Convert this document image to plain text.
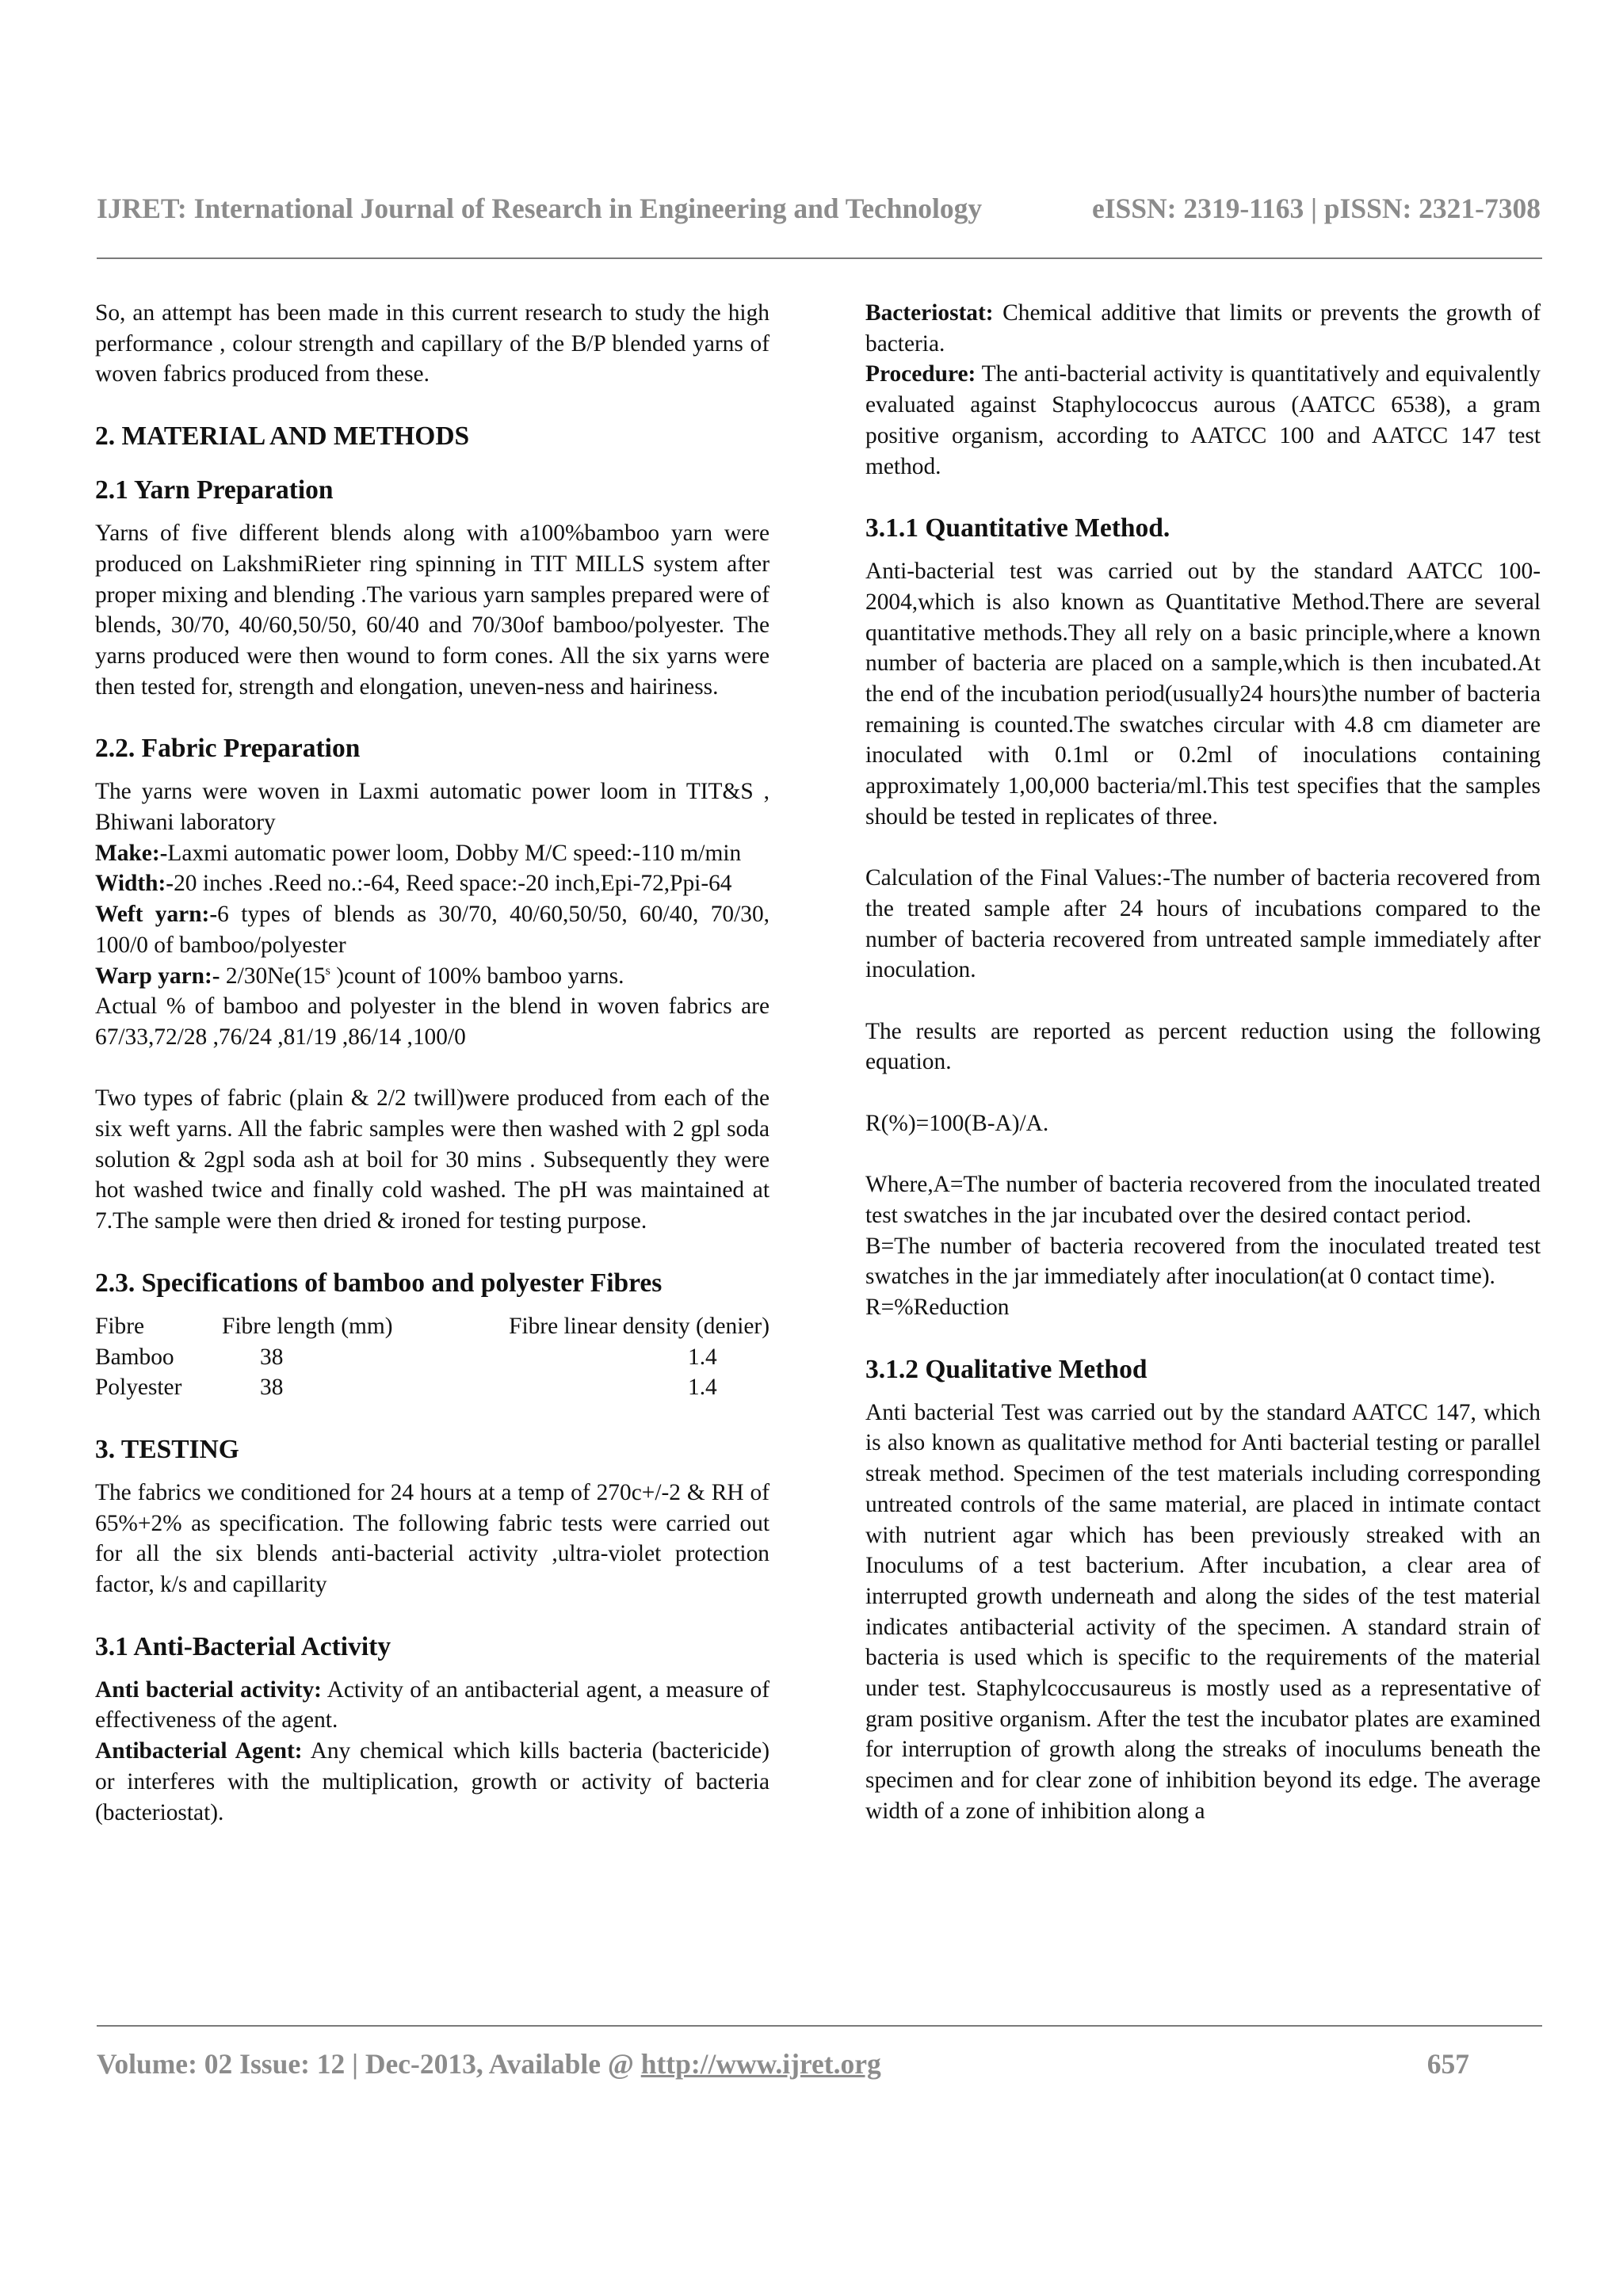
IJRET: International Journal of Research in Engineering and Technology	eISSN: 2319-1163 | pISSN: 2321-7308

So, an attempt has been made in this current research to study the high performance , colour strength and capillary of the B/P blended yarns of woven fabrics produced from these.

2. MATERIAL AND METHODS
2.1 Yarn Preparation

Yarns of five different blends along with a100%bamboo yarn were produced on LakshmiRieter ring spinning in TIT MILLS system after proper mixing and blending .The various yarn samples prepared were of blends, 30/70, 40/60,50/50, 60/40 and 70/30of bamboo/polyester. The yarns produced were then wound to form cones. All the six yarns were then tested for, strength and elongation, uneven-ness and hairiness.

2.2. Fabric Preparation

The yarns were woven in Laxmi automatic power loom in TIT&S , Bhiwani laboratory

Make:-Laxmi automatic power loom, Dobby M/C speed:-110 m/min

Width:-20 inches .Reed no.:-64, Reed space:-20 inch,Epi-72,Ppi-64

Weft yarn:-6 types of blends as 30/70, 40/60,50/50, 60/40, 70/30, 100/0 of bamboo/polyester

Warp yarn:- 2/30Ne(15$^s$ )count of 100% bamboo yarns.

Actual % of bamboo and polyester in the blend in woven fabrics are 67/33,72/28 ,76/24 ,81/19 ,86/14 ,100/0

Two types of fabric (plain & 2/2 twill)were produced from each of the six weft yarns. All the fabric samples were then washed with 2 gpl soda solution & 2gpl soda ash at boil for 30 mins . Subsequently they were hot washed twice and finally cold washed. The pH was maintained at 7.The sample were then dried & ironed for testing purpose.

2.3. Specifications of bamboo and polyester Fibres
Fibre	Fibre length (mm)	Fibre linear density (denier)
Bamboo	38	1.4
Polyester	38	1.4
3. TESTING

The fabrics we conditioned for 24 hours at a temp of 270c+/-2 & RH of 65%+2% as specification. The following fabric tests were carried out for all the six blends anti-bacterial activity ,ultra-violet protection factor, k/s and capillarity

3.1 Anti-Bacterial Activity

Anti bacterial activity: Activity of an antibacterial agent, a measure of effectiveness of the agent.

Antibacterial Agent: Any chemical which kills bacteria (bactericide) or interferes with the multiplication, growth or activity of bacteria (bacteriostat).

Bacteriostat: Chemical additive that limits or prevents the growth of bacteria.

Procedure: The anti-bacterial activity is quantitatively and equivalently evaluated against Staphylococcus aurous (AATCC 6538), a gram positive organism, according to AATCC 100 and AATCC 147 test method.

3.1.1 Quantitative Method.

Anti-bacterial test was carried out by the standard AATCC 100-2004,which is also known as Quantitative Method.There are several quantitative methods.They all rely on a basic principle,where a known number of bacteria are placed on a sample,which is then incubated.At the end of the incubation period(usually24 hours)the number of bacteria remaining is counted.The swatches circular with 4.8 cm diameter are inoculated with 0.1ml or 0.2ml of inoculations containing approximately 1,00,000 bacteria/ml.This test specifies that the samples should be tested in replicates of three.

Calculation of the Final Values:-The number of bacteria recovered from the treated sample after 24 hours of incubations compared to the number of bacteria recovered from untreated sample immediately after inoculation.

The results are reported as percent reduction using the following equation.

R(%)=100(B-A)/A.

Where,A=The number of bacteria recovered from the inoculated treated test swatches in the jar incubated over the desired contact period.

B=The number of bacteria recovered from the inoculated treated test swatches in the jar immediately after inoculation(at 0 contact time).

R=%Reduction

3.1.2 Qualitative Method

Anti bacterial Test was carried out by the standard AATCC 147, which is also known as qualitative method for Anti bacterial testing or parallel streak method. Specimen of the test materials including corresponding untreated controls of the same material, are placed in intimate contact with nutrient agar which has been previously streaked with an Inoculums of a test bacterium. After incubation, a clear area of interrupted growth underneath and along the sides of the test material indicates antibacterial activity of the specimen. A standard strain of bacteria is used which is specific to the requirements of the material under test. Staphylcoccusaureus is mostly used as a representative of gram positive organism. After the test the incubator plates are examined for interruption of growth along the streaks of inoculums beneath the specimen and for clear zone of inhibition beyond its edge. The average width of a zone of inhibition along a

Volume: 02 Issue: 12 | Dec-2013, Available @ http://www.ijret.org	657
